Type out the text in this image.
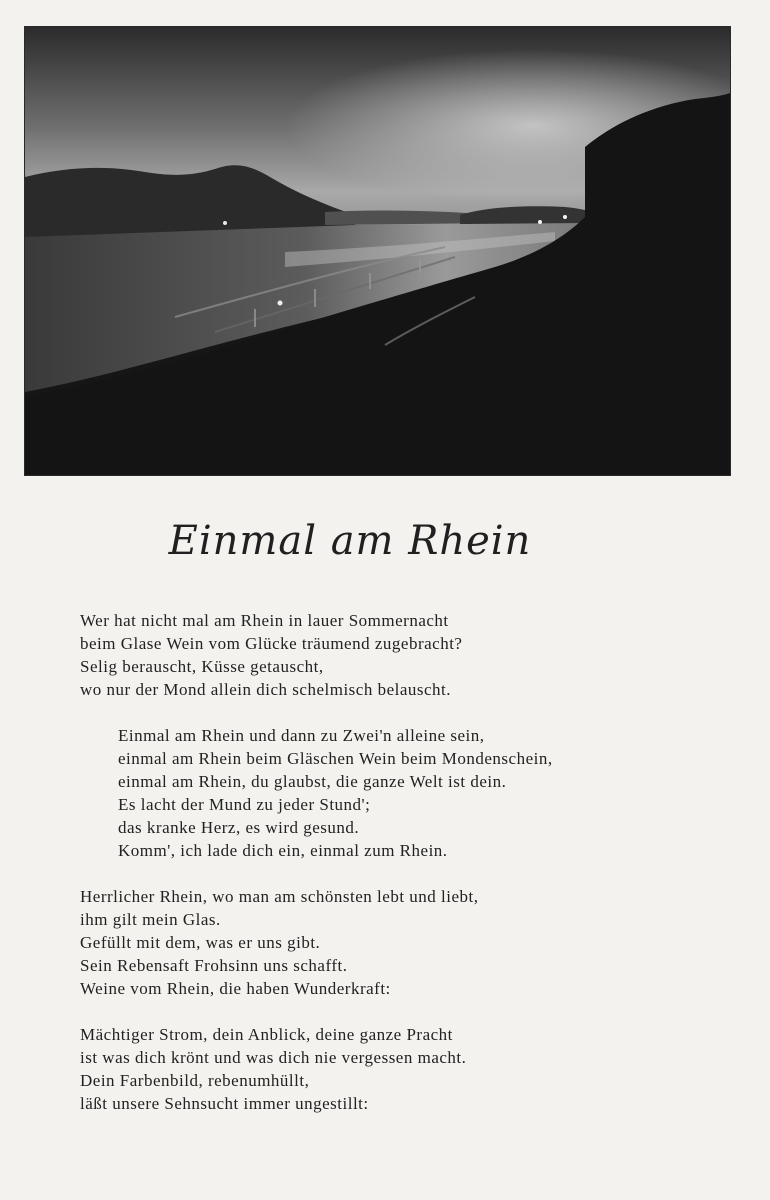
Einmal am Rhein
Wer hat nicht mal am Rhein in lauer Sommernacht
beim Glase Wein vom Glücke träumend zugebracht?
Selig berauscht, Küsse getauscht,
wo nur der Mond allein dich schelmisch belauscht.
Einmal am Rhein und dann zu Zwei'n alleine sein,
einmal am Rhein beim Gläschen Wein beim Mondenschein,
einmal am Rhein, du glaubst, die ganze Welt ist dein.
Es lacht der Mund zu jeder Stund';
das kranke Herz, es wird gesund.
Komm', ich lade dich ein, einmal zum Rhein.
Herrlicher Rhein, wo man am schönsten lebt und liebt,
ihm gilt mein Glas.
Gefüllt mit dem, was er uns gibt.
Sein Rebensaft Frohsinn uns schafft.
Weine vom Rhein, die haben Wunderkraft:
Mächtiger Strom, dein Anblick, deine ganze Pracht
ist was dich krönt und was dich nie vergessen macht.
Dein Farbenbild, rebenumhüllt,
läßt unsere Sehnsucht immer ungestillt:
